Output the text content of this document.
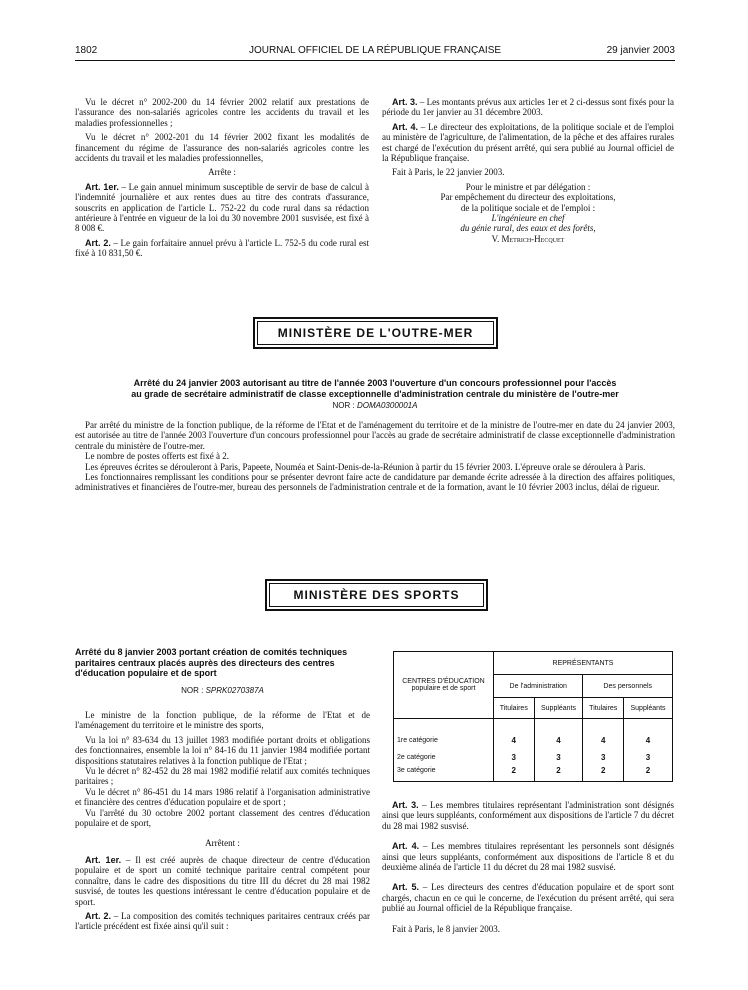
1802	JOURNAL OFFICIEL DE LA RÉPUBLIQUE FRANÇAISE	29 janvier 2003

Vu le décret n° 2002-200 du 14 février 2002 relatif aux prestations de l'assurance des non-salariés agricoles contre les accidents du travail et les maladies professionnelles ;

Vu le décret n° 2002-201 du 14 février 2002 fixant les modalités de financement du régime de l'assurance des non-salariés agricoles contre les accidents du travail et les maladies professionnelles,

Arrête :

Art. 1er. – Le gain annuel minimum susceptible de servir de base de calcul à l'indemnité journalière et aux rentes dues au titre des contrats d'assurance, souscrits en application de l'article L. 752-22 du code rural dans sa rédaction antérieure à l'entrée en vigueur de la loi du 30 novembre 2001 susvisée, est fixé à 8 008 €.

Art. 2. – Le gain forfaitaire annuel prévu à l'article L. 752-5 du code rural est fixé à 10 831,50 €.

Art. 3. – Les montants prévus aux articles 1er et 2 ci-dessus sont fixés pour la période du 1er janvier au 31 décembre 2003.

Art. 4. – Le directeur des exploitations, de la politique sociale et de l'emploi au ministère de l'agriculture, de l'alimentation, de la pêche et des affaires rurales est chargé de l'exécution du présent arrêté, qui sera publié au Journal officiel de la République française.

Fait à Paris, le 22 janvier 2003.

Pour le ministre et par délégation :

Par empêchement du directeur des exploitations,

de la politique sociale et de l'emploi :

L'ingénieure en chef

du génie rural, des eaux et des forêts,

V. Metrich-Hecquet

MINISTÈRE DE L'OUTRE-MER
Arrêté du 24 janvier 2003 autorisant au titre de l'année 2003 l'ouverture d'un concours professionnel pour l'accès
au grade de secrétaire administratif de classe exceptionnelle d'administration centrale du ministère de l'outre-mer
NOR : DOMA0300001A

Par arrêté du ministre de la fonction publique, de la réforme de l'Etat et de l'aménagement du territoire et de la ministre de l'outre-mer en date du 24 janvier 2003, est autorisée au titre de l'année 2003 l'ouverture d'un concours professionnel pour l'accès au grade de secrétaire administratif de classe exceptionnelle d'administration centrale du ministère de l'outre-mer.

Le nombre de postes offerts est fixé à 2.

Les épreuves écrites se dérouleront à Paris, Papeete, Nouméa et Saint-Denis-de-la-Réunion à partir du 15 février 2003. L'épreuve orale se déroulera à Paris.

Les fonctionnaires remplissant les conditions pour se présenter devront faire acte de candidature par demande écrite adressée à la direction des affaires politiques, administratives et financières de l'outre-mer, bureau des personnels de l'administration centrale et de la formation, avant le 10 février 2003 inclus, délai de rigueur.

MINISTÈRE DES SPORTS
Arrêté du 8 janvier 2003 portant création de comités techniques paritaires centraux placés auprès des directeurs des centres d'éducation populaire et de sport
NOR : SPRK0270387A

Le ministre de la fonction publique, de la réforme de l'Etat et de l'aménagement du territoire et le ministre des sports,

Vu la loi n° 83-634 du 13 juillet 1983 modifiée portant droits et obligations des fonctionnaires, ensemble la loi n° 84-16 du 11 janvier 1984 modifiée portant dispositions statutaires relatives à la fonction publique de l'Etat ;

Vu le décret n° 82-452 du 28 mai 1982 modifié relatif aux comités techniques paritaires ;

Vu le décret n° 86-451 du 14 mars 1986 relatif à l'organisation administrative et financière des centres d'éducation populaire et de sport ;

Vu l'arrêté du 30 octobre 2002 portant classement des centres d'éducation populaire et de sport,

Arrêtent :

Art. 1er. – Il est créé auprès de chaque directeur de centre d'éducation populaire et de sport un comité technique paritaire central compétent pour connaître, dans le cadre des dispositions du titre III du décret du 28 mai 1982 susvisé, de toutes les questions intéressant le centre d'éducation populaire et de sport.

Art. 2. – La composition des comités techniques paritaires centraux créés par l'article précédent est fixée ainsi qu'il suit :

CENTRES D'ÉDUCATION populaire et de sport	REPRÉSENTANTS			
	De l'administration		Des personnels	
	Titulaires	Suppléants	Titulaires	Suppléants
1re catégorie	4	4	4	4
2e catégorie	3	3	3	3
3e catégorie	2	2	2	2

Art. 3. – Les membres titulaires représentant l'administration sont désignés ainsi que leurs suppléants, conformément aux dispositions de l'article 7 du décret du 28 mai 1982 susvisé.

Art. 4. – Les membres titulaires représentant les personnels sont désignés ainsi que leurs suppléants, conformément aux dispositions de l'article 8 et du deuxième alinéa de l'article 11 du décret du 28 mai 1982 susvisé.

Art. 5. – Les directeurs des centres d'éducation populaire et de sport sont chargés, chacun en ce qui le concerne, de l'exécution du présent arrêté, qui sera publié au Journal officiel de la République française.

Fait à Paris, le 8 janvier 2003.
